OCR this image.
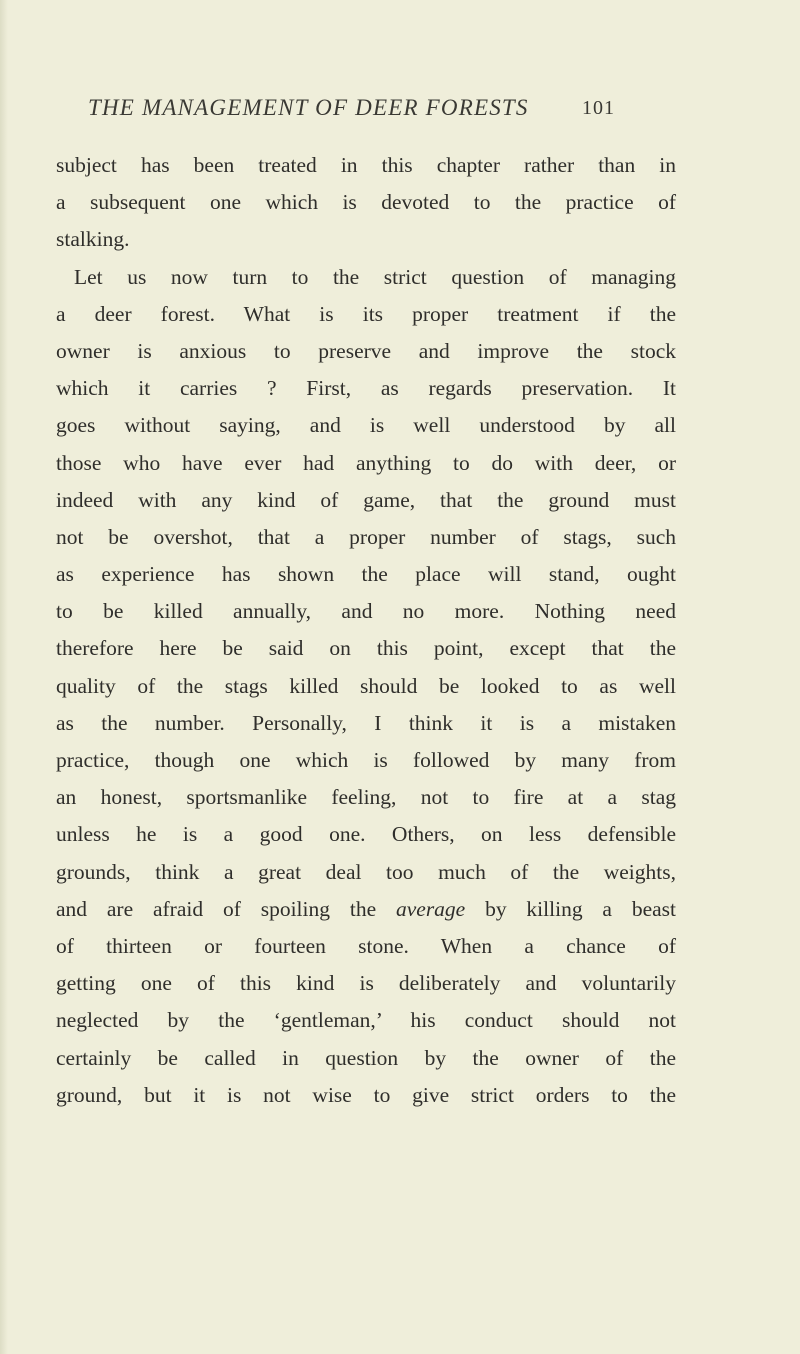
THE MANAGEMENT OF DEER FORESTS	101
subject has been treated in this chapter rather than in
a subsequent one which is devoted to the practice of
stalking.
Let us now turn to the strict question of managing
a deer forest. What is its proper treatment if the
owner is anxious to preserve and improve the stock
which it carries ? First, as regards preservation. It
goes without saying, and is well understood by all
those who have ever had anything to do with deer, or
indeed with any kind of game, that the ground must
not be overshot, that a proper number of stags, such
as experience has shown the place will stand, ought
to be killed annually, and no more. Nothing need
therefore here be said on this point, except that the
quality of the stags killed should be looked to as well
as the number. Personally, I think it is a mistaken
practice, though one which is followed by many from
an honest, sportsmanlike feeling, not to fire at a stag
unless he is a good one. Others, on less defensible
grounds, think a great deal too much of the weights,
and are afraid of spoiling the average by killing a beast
of thirteen or fourteen stone. When a chance of
getting one of this kind is deliberately and voluntarily
neglected by the ‘gentleman,’ his conduct should not
certainly be called in question by the owner of the
ground, but it is not wise to give strict orders to the
